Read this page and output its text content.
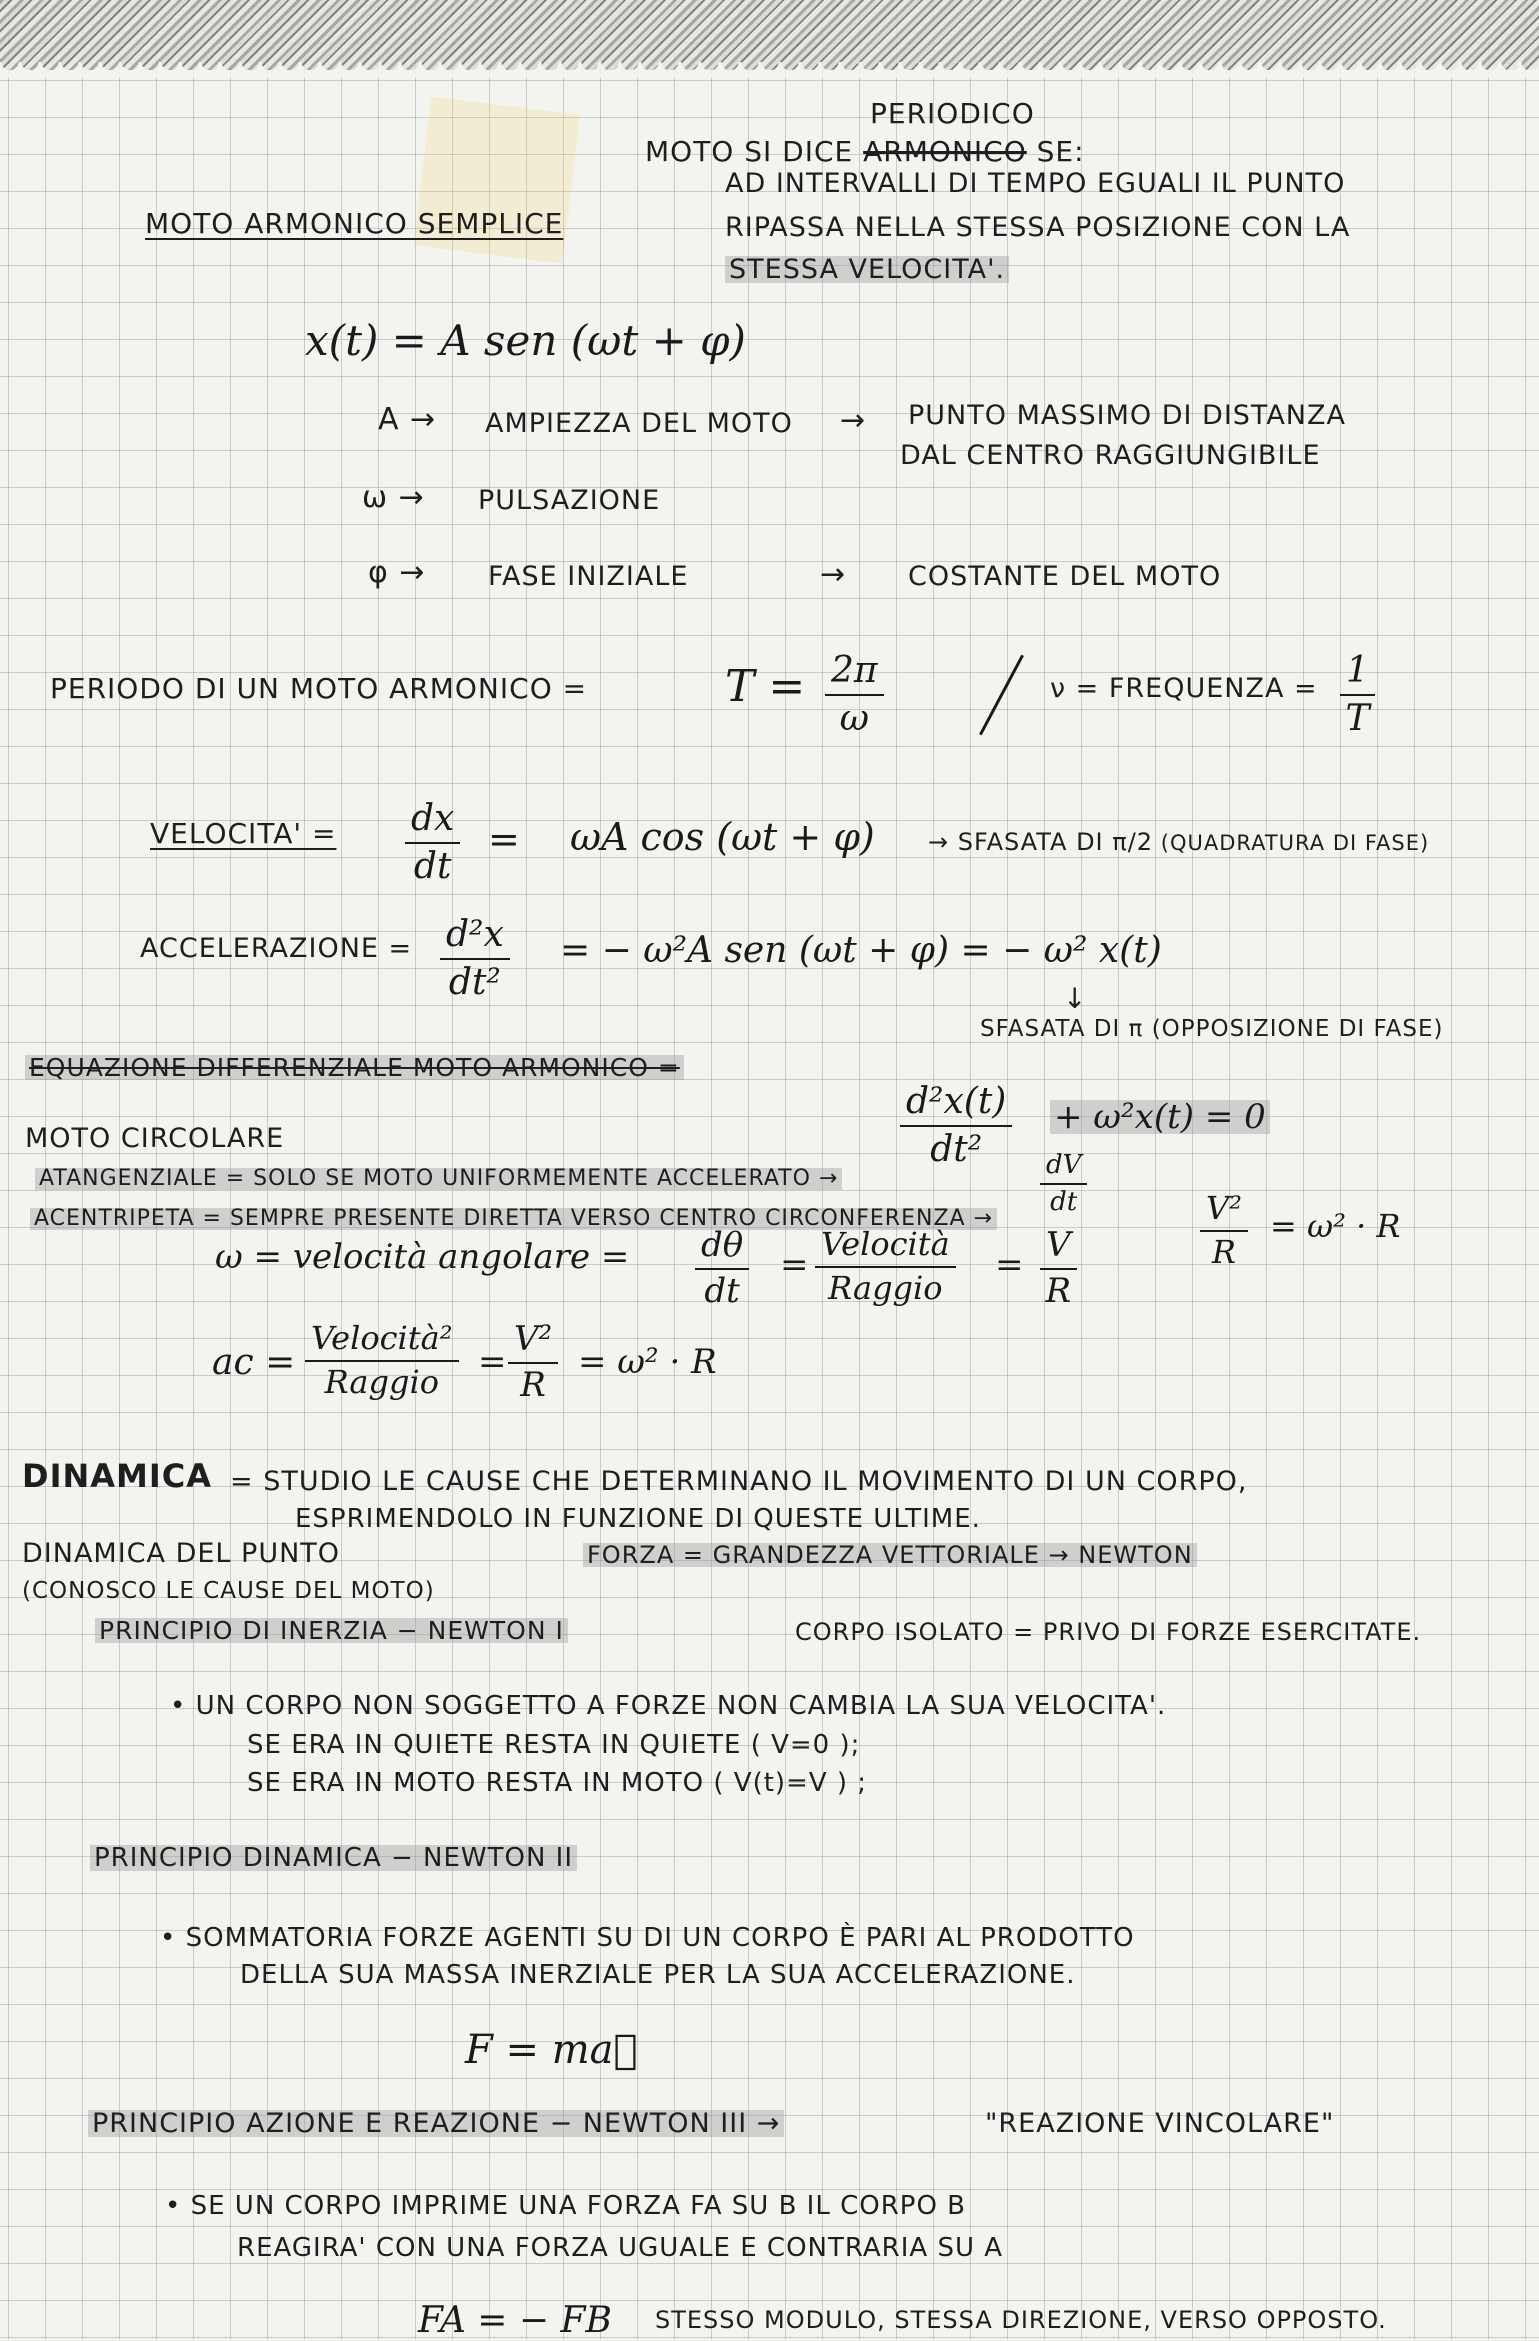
PERIODICO
MOTO SI DICE ARMONICO SE:
AD INTERVALLI DI TEMPO EGUALI IL PUNTO
RIPASSA NELLA STESSA POSIZIONE CON LA
STESSA VELOCITA'.
MOTO ARMONICO SEMPLICE
x(t) = A sen (ωt + φ)
A → AMPIEZZA DEL MOTO → PUNTO MASSIMO DI DISTANZA
DAL CENTRO RAGGIUNGIBILE
ω → PULSAZIONE
φ → FASE INIZIALE	→ COSTANTE DEL MOTO
PERIODO DI UN MOTO ARMONICO =	$T = \frac{2\pi}{\omega}$	ν = FREQUENZA = $\frac{1}{T}$
VELOCITA' = $\frac{dx}{dt} = \omega A$ cos (ωt + φ) → SFASATA DI π/2 (QUADRATURA DI FASE)
ACCELERAZIONE = $\frac{\text{d²x}}{\text{dt²}}$ = − ω²A sen (ωt + φ) = − ω² x(t)
↓
SFASATA DI π (OPPOSIZIONE DI FASE)
EQUAZIONE DIFFERENZIALE MOTO ARMONICO =
$\frac{\text{d²x(t)}}{\text{dt²}} + \omega^2x(t) = 0$
MOTO CIRCOLARE
ATANGENZIALE = SOLO SE MOTO UNIFORMEMENTE ACCELERATO →	$\frac{dV}{dt}$
ACENTRIPETA = SEMPRE PRESENTE DIRETTA VERSO CENTRO CIRCONFERENZA →	$\frac{\text{V²}}{R} = \omega^2 \cdot R$
ω = velocità angolare = $\frac{d\theta}{dt}$ =
Velocità
Raggio
= $\frac{V}{R}$
ac =
Velocità²
Raggio = $\frac{\text{V²}}{R} = \omega^2 \cdot R$
DINAMICA = STUDIO LE CAUSE CHE DETERMINANO IL MOVIMENTO DI UN CORPO,
ESPRIMENDOLO IN FUNZIONE DI QUESTE ULTIME.
DINAMICA DEL PUNTO	FORZA = GRANDEZZA VETTORIALE → NEWTON
(CONOSCO LE CAUSE DEL MOTO)
PRINCIPIO DI INERZIA − NEWTON I	CORPO ISOLATO = PRIVO DI FORZE ESERCITATE.
• UN CORPO NON SOGGETTO A FORZE NON CAMBIA LA SUA VELOCITA'.
SE ERA IN QUIETE RESTA IN QUIETE ( V=0 );
SE ERA IN MOTO RESTA IN MOTO ( V(t)=V ) ;
PRINCIPIO DINAMICA − NEWTON II
• SOMMATORIA FORZE AGENTI SU DI UN CORPO È PARI AL PRODOTTO
DELLA SUA MASSA INERZIALE PER LA SUA ACCELERAZIONE.
F = ma⃗
PRINCIPIO AZIONE E REAZIONE − NEWTON III →	"REAZIONE VINCOLARE"
• SE UN CORPO IMPRIME UNA FORZA FA SU B IL CORPO B
REAGIRA' CON UNA FORZA UGUALE E CONTRARIA SU A
FA = − FB STESSO MODULO, STESSA DIREZIONE, VERSO OPPOSTO.
